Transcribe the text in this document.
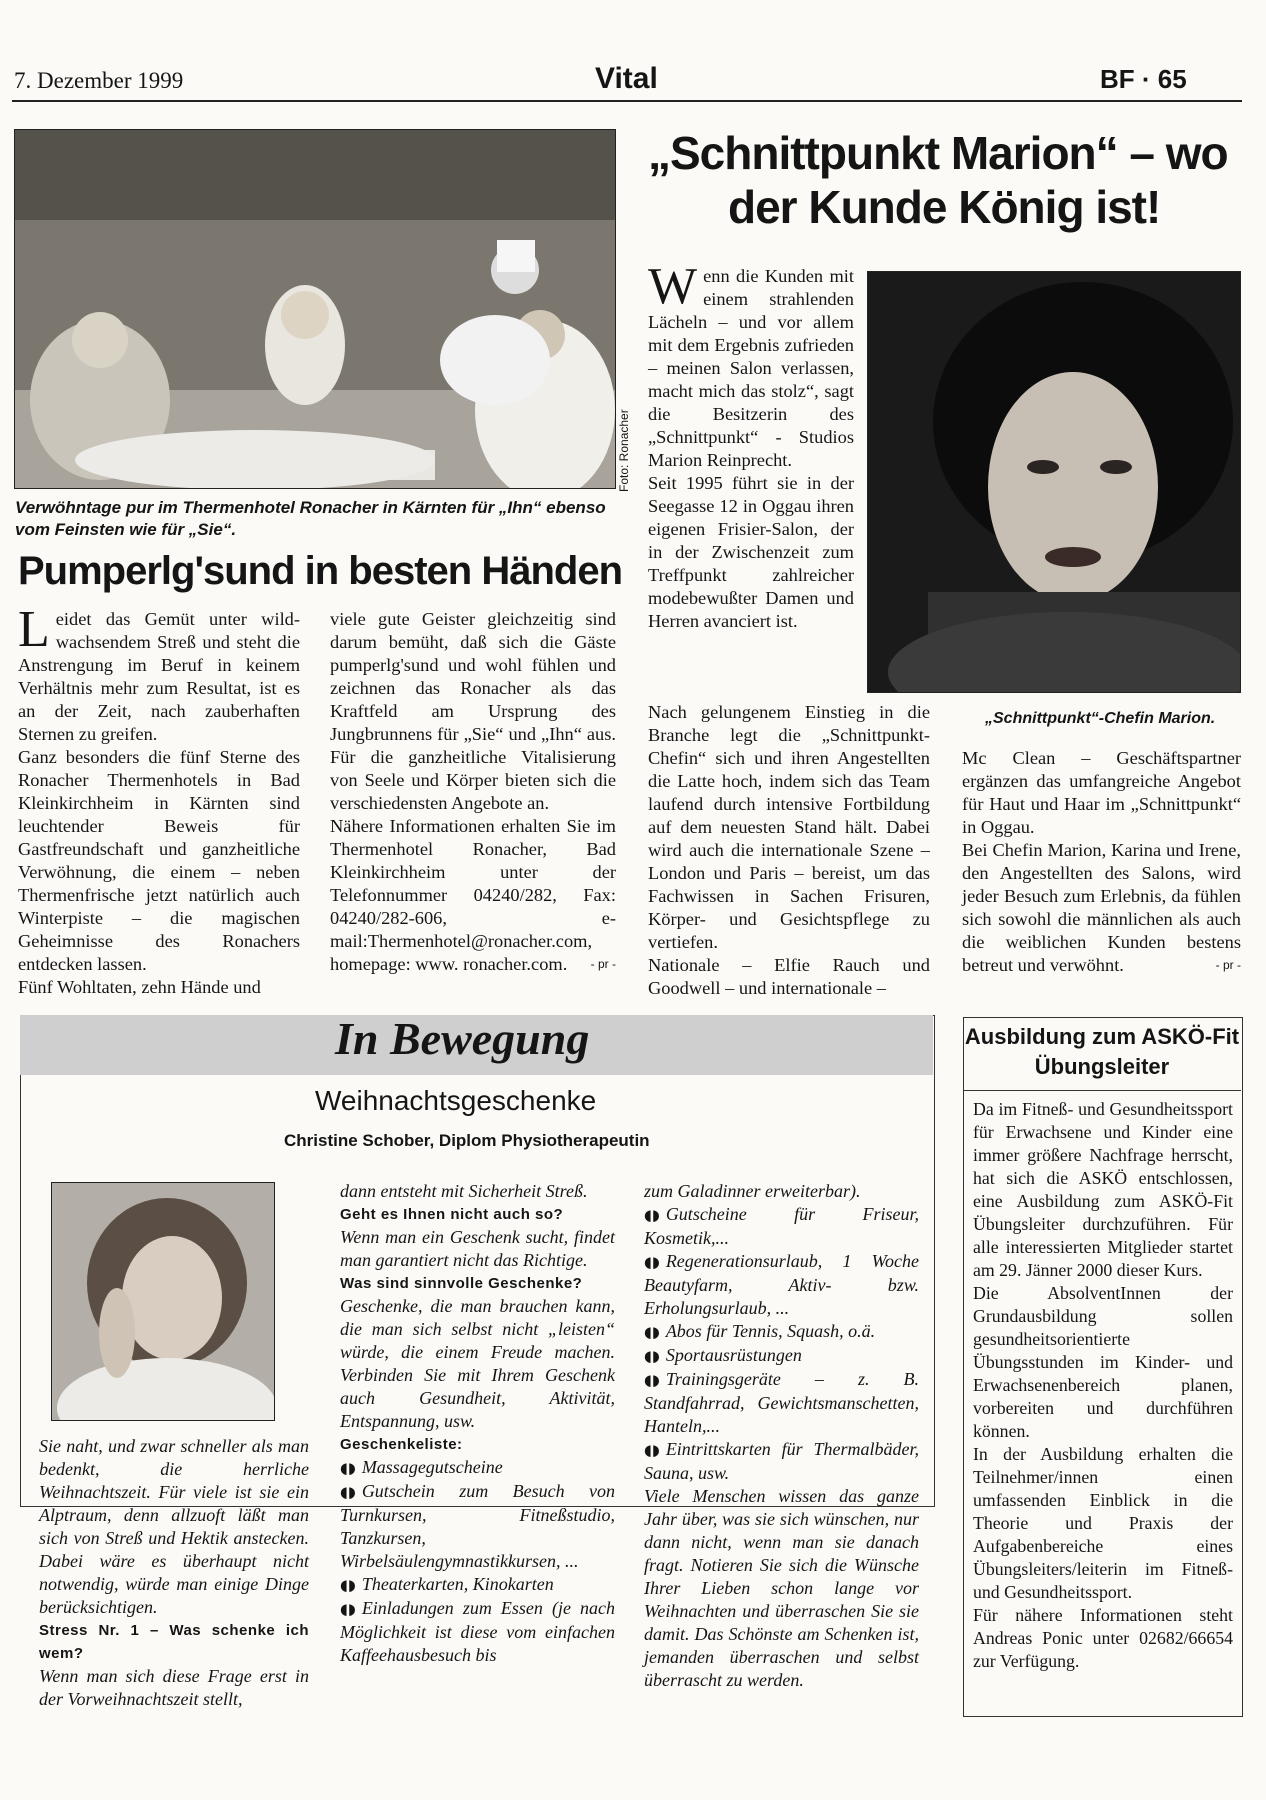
7. Dezember 1999	Vital	BF · 65
Foto: Ronacher
Verwöhntage pur im Thermenhotel Ronacher in Kärnten für „Ihn“ ebenso vom Feinsten wie für „Sie“.
Pumperlg'sund in besten Händen

Leidet das Gemüt unter wildwachsendem Streß und steht die Anstrengung im Beruf in keinem Verhältnis mehr zum Resultat, ist es an der Zeit, nach zauberhaften Sternen zu greifen.

Ganz besonders die fünf Sterne des Ronacher Thermenhotels in Bad Kleinkirchheim in Kärnten sind leuchtender Beweis für Gastfreundschaft und ganzheitliche Verwöhnung, die einem – neben Thermenfrische jetzt natürlich auch Winterpiste – die magischen Geheimnisse des Ronachers entdecken lassen.

Fünf Wohltaten, zehn Hände und

viele gute Geister gleichzeitig sind darum bemüht, daß sich die Gäste pumperlg'sund und wohl fühlen und zeichnen das Ronacher als das Kraftfeld am Ursprung des Jungbrunnens für „Sie“ und „Ihn“ aus. Für die ganzheitliche Vitalisierung von Seele und Körper bieten sich die verschiedensten Angebote an.

Nähere Informationen erhalten Sie im Thermenhotel Ronacher, Bad Kleinkirchheim unter der Telefonnummer 04240/282, Fax: 04240/282-606, e-mail:Thermenhotel@ronacher.com, homepage: www. ronacher.com. - pr -

„Schnittpunkt Marion“ – wo
der Kunde König ist!
„Schnittpunkt“-Chefin Marion.

Wenn die Kunden mit einem strahlenden Lächeln – und vor allem mit dem Ergebnis zufrieden – meinen Salon verlassen, macht mich das stolz“, sagt die Besitzerin des „Schnittpunkt“ - Studios Marion Reinprecht.

Seit 1995 führt sie in der Seegasse 12 in Oggau ihren eigenen Frisier-Salon, der in der Zwischenzeit zum Treffpunkt zahlreicher modebewußter Damen und Herren avanciert ist.

Nach gelungenem Einstieg in die Branche legt die „Schnittpunkt-Chefin“ sich und ihren Angestellten die Latte hoch, indem sich das Team laufend durch intensive Fortbildung auf dem neuesten Stand hält. Dabei wird auch die internationale Szene – London und Paris – bereist, um das Fachwissen in Sachen Frisuren, Körper- und Gesichtspflege zu vertiefen.

Nationale – Elfie Rauch und Goodwell – und internationale –

Mc Clean – Geschäftspartner ergänzen das umfangreiche Angebot für Haut und Haar im „Schnittpunkt“ in Oggau.

Bei Chefin Marion, Karina und Irene, den Angestellten des Salons, wird jeder Besuch zum Erlebnis, da fühlen sich sowohl die männlichen als auch die weiblichen Kunden bestens betreut und verwöhnt.	- pr -

In Bewegung
Weihnachtsgeschenke
Christine Schober, Diplom Physiotherapeutin

Sie naht, und zwar schneller als man bedenkt, die herrliche Weihnachtszeit. Für viele ist sie ein Alptraum, denn allzuoft läßt man sich von Streß und Hektik anstecken. Dabei wäre es überhaupt nicht notwendig, würde man einige Dinge berücksichtigen.

Stress Nr. 1 – Was schenke ich wem?

Wenn man sich diese Frage erst in der Vorweihnachtszeit stellt,

dann entsteht mit Sicherheit Streß.

Geht es Ihnen nicht auch so?

Wenn man ein Geschenk sucht, findet man garantiert nicht das Richtige.

Was sind sinnvolle Geschenke?

Geschenke, die man brauchen kann, die man sich selbst nicht „leisten“ würde, die einem Freude machen. Verbinden Sie mit Ihrem Geschenk auch Gesundheit, Aktivität, Entspannung, usw.

Geschenkeliste:

◖◗ Massagegutscheine

◖◗ Gutschein zum Besuch von Turnkursen, Fitneßstudio, Tanzkursen, Wirbelsäulengymnastikkursen, ...

◖◗ Theaterkarten, Kinokarten

◖◗ Einladungen zum Essen (je nach Möglichkeit ist diese vom einfachen Kaffeehausbesuch bis

zum Galadinner erweiterbar).

◖◗ Gutscheine für Friseur, Kosmetik,...

◖◗ Regenerationsurlaub, 1 Woche Beautyfarm, Aktiv- bzw. Erholungsurlaub, ...

◖◗ Abos für Tennis, Squash, o.ä.

◖◗ Sportausrüstungen

◖◗ Trainingsgeräte – z. B. Standfahrrad, Gewichtsmanschetten, Hanteln,...

◖◗ Eintrittskarten für Thermalbäder, Sauna, usw.

Viele Menschen wissen das ganze Jahr über, was sie sich wünschen, nur dann nicht, wenn man sie danach fragt. Notieren Sie sich die Wünsche Ihrer Lieben schon lange vor Weihnachten und überraschen Sie sie damit. Das Schönste am Schenken ist, jemanden überraschen und selbst überrascht zu werden.

Ausbildung zum ASKÖ-Fit Übungsleiter

Da im Fitneß- und Gesundheitssport für Erwachsene und Kinder eine immer größere Nachfrage herrscht, hat sich die ASKÖ entschlossen, eine Ausbildung zum ASKÖ-Fit Übungsleiter durchzuführen. Für alle interessierten Mitglieder startet am 29. Jänner 2000 dieser Kurs.

Die AbsolventInnen der Grundausbildung sollen gesundheitsorientierte Übungsstunden im Kinder- und Erwachsenenbereich planen, vorbereiten und durchführen können.

In der Ausbildung erhalten die Teilnehmer/innen einen umfassenden Einblick in die Theorie und Praxis der Aufgabenbereiche eines Übungsleiters/leiterin im Fitneß- und Gesundheitssport.

Für nähere Informationen steht Andreas Ponic unter 02682/66654 zur Verfügung.
